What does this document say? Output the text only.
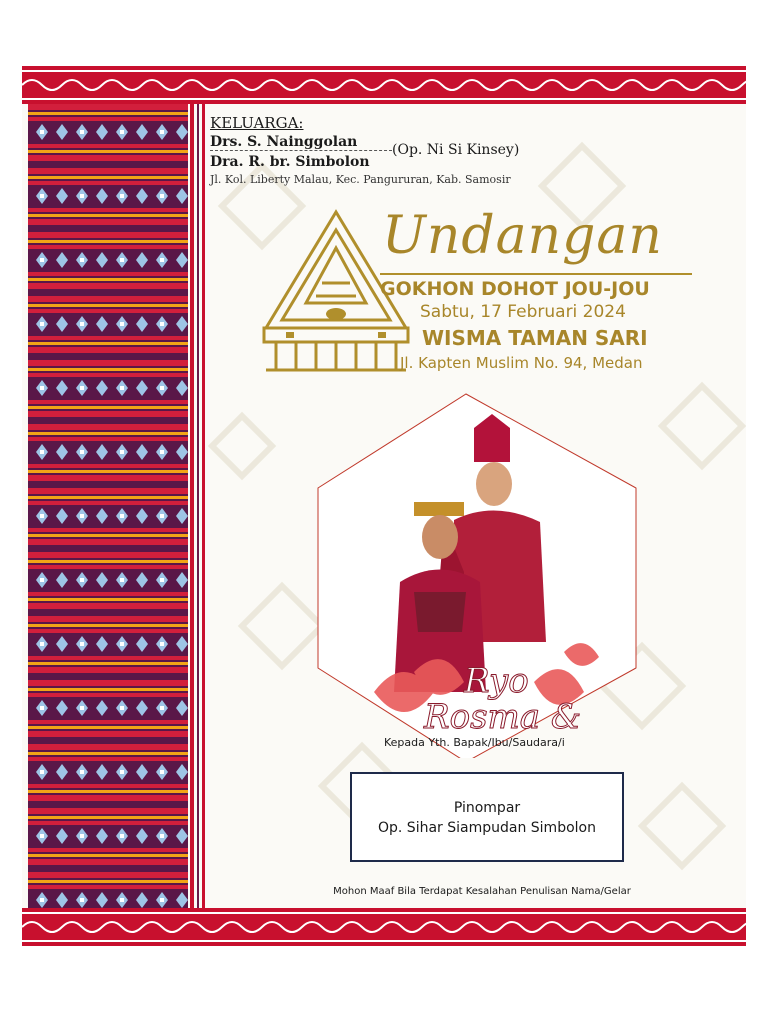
KELUARGA:
Drs. S. Nainggolan (Op. Ni Si Kinsey)
Dra. R. br. Simbolon
Jl. Kol. Liberty Malau, Kec. Pangururan, Kab. Samosir
Undangan
GOKHON DOHOT JOU-JOU
Sabtu, 17 Februari 2024
WISMA TAMAN SARI
Jl. Kapten Muslim No. 94, Medan
Ryo
Rosma &
Kepada Yth. Bapak/Ibu/Saudara/i
Pinompar
Op. Sihar Siampudan Simbolon
Mohon Maaf Bila Terdapat Kesalahan Penulisan Nama/Gelar
